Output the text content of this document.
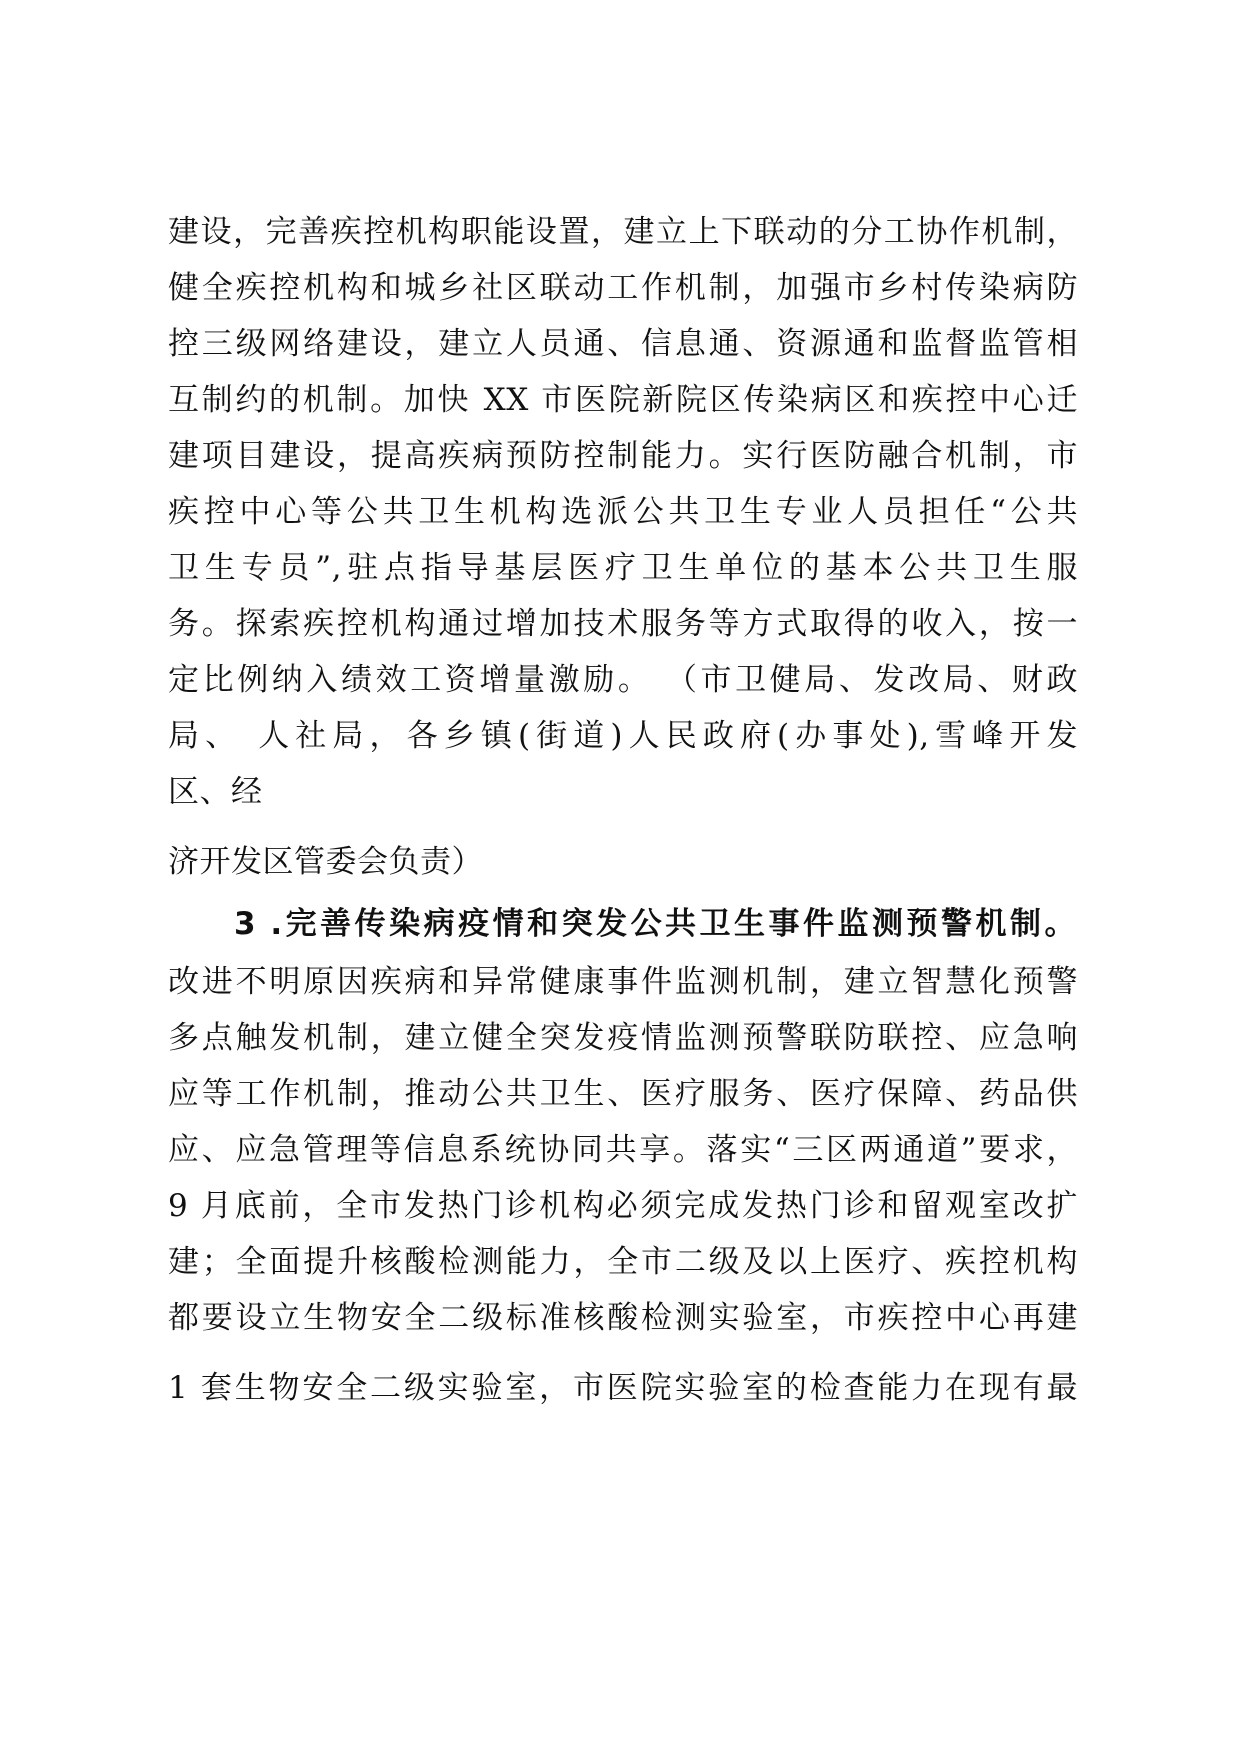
建设，完善疾控机构职能设置，建立上下联动的分工协作机制，
健全疾控机构和城乡社区联动工作机制，加强市乡村传染病防
控三级网络建设，建立人员通、信息通、资源通和监督监管相
互制约的机制。加快 XX 市医院新院区传染病区和疾控中心迁
建项目建设，提高疾病预防控制能力。实行医防融合机制，市
疾控中心等公共卫生机构选派公共卫生专业人员担任“公共
卫生专员”,驻点指导基层医疗卫生单位的基本公共卫生服
务。探索疾控机构通过增加技术服务等方式取得的收入，按一
定比例纳入绩效工资增量激励。 （市卫健局、发改局、财政
局、 人社局，各乡镇(街道)人民政府(办事处),雪峰开发
区、经
济开发区管委会负责）
3 .完善传染病疫情和突发公共卫生事件监测预警机制。
改进不明原因疾病和异常健康事件监测机制，建立智慧化预警
多点触发机制，建立健全突发疫情监测预警联防联控、应急响
应等工作机制，推动公共卫生、医疗服务、医疗保障、药品供
应、应急管理等信息系统协同共享。落实“三区两通道”要求，
9 月底前，全市发热门诊机构必须完成发热门诊和留观室改扩
建；全面提升核酸检测能力，全市二级及以上医疗、疾控机构
都要设立生物安全二级标准核酸检测实验室，市疾控中心再建
1 套生物安全二级实验室，市医院实验室的检查能力在现有最
